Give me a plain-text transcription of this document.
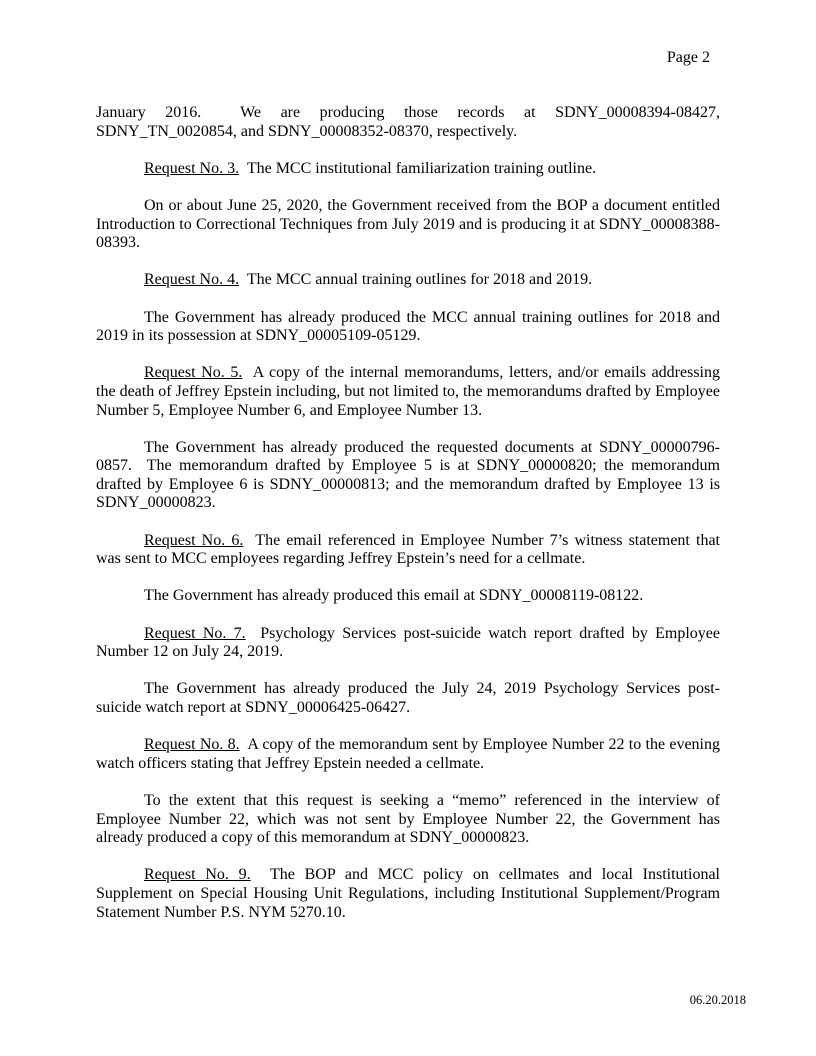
Page 2

January 2016.  We are producing those records at SDNY_00008394-08427, SDNY_TN_0020854, and SDNY_00008352-08370, respectively.

Request No. 3.  The MCC institutional familiarization training outline.

On or about June 25, 2020, the Government received from the BOP a document entitled Introduction to Correctional Techniques from July 2019 and is producing it at SDNY_00008388-08393.

Request No. 4.  The MCC annual training outlines for 2018 and 2019.

The Government has already produced the MCC annual training outlines for 2018 and 2019 in its possession at SDNY_00005109-05129.

Request No. 5.  A copy of the internal memorandums, letters, and/or emails addressing the death of Jeffrey Epstein including, but not limited to, the memorandums drafted by Employee Number 5, Employee Number 6, and Employee Number 13.

The Government has already produced the requested documents at SDNY_00000796-0857.  The memorandum drafted by Employee 5 is at SDNY_00000820; the memorandum drafted by Employee 6 is SDNY_00000813; and the memorandum drafted by Employee 13 is SDNY_00000823.

Request No. 6.  The email referenced in Employee Number 7’s witness statement that was sent to MCC employees regarding Jeffrey Epstein’s need for a cellmate.

The Government has already produced this email at SDNY_00008119-08122.

Request No. 7.  Psychology Services post-suicide watch report drafted by Employee Number 12 on July 24, 2019.

The Government has already produced the July 24, 2019 Psychology Services post-suicide watch report at SDNY_00006425-06427.

Request No. 8.  A copy of the memorandum sent by Employee Number 22 to the evening watch officers stating that Jeffrey Epstein needed a cellmate.

To the extent that this request is seeking a “memo” referenced in the interview of Employee Number 22, which was not sent by Employee Number 22, the Government has already produced a copy of this memorandum at SDNY_00000823.

Request No. 9.  The BOP and MCC policy on cellmates and local Institutional Supplement on Special Housing Unit Regulations, including Institutional Supplement/Program Statement Number P.S. NYM 5270.10.

06.20.2018
